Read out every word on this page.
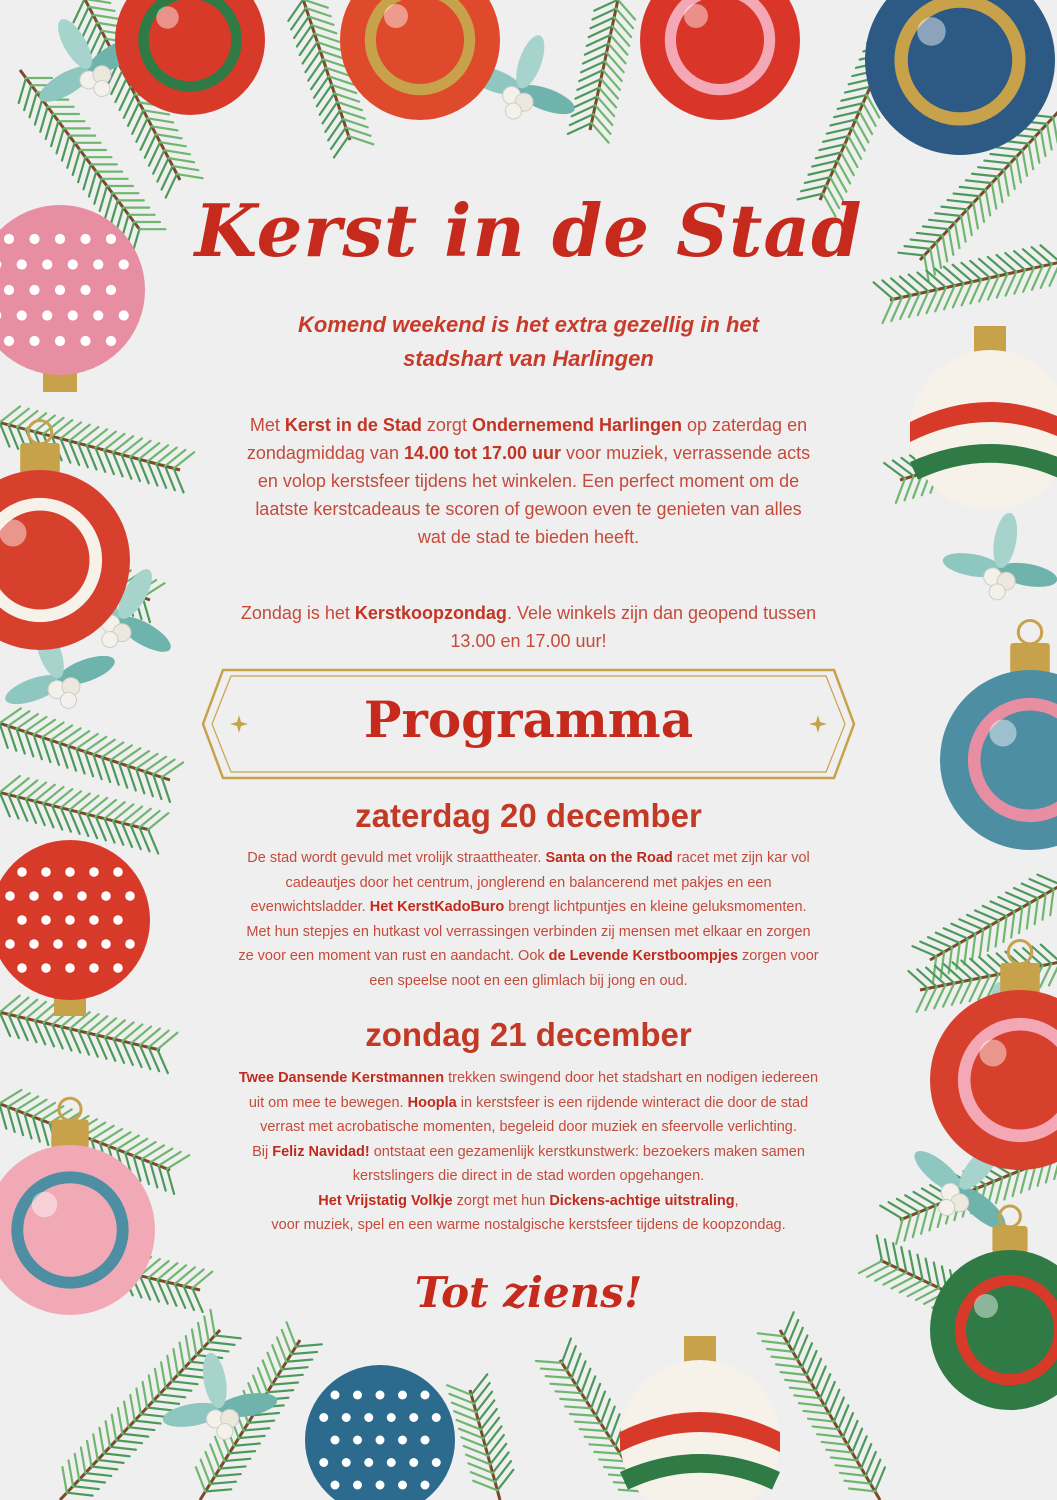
Kerst in de Stad
Komend weekend is het extra gezellig in het
stadshart van Harlingen
Met Kerst in de Stad zorgt Ondernemend Harlingen op zaterdag en
zondagmiddag van 14.00 tot 17.00 uur voor muziek, verrassende acts
en volop kerstsfeer tijdens het winkelen. Een perfect moment om de
laatste kerstcadeaus te scoren of gewoon even te genieten van alles
wat de stad te bieden heeft.
Zondag is het Kerstkoopzondag. Vele winkels zijn dan geopend tussen
13.00 en 17.00 uur!
Programma
zaterdag 20 december
De stad wordt gevuld met vrolijk straattheater. Santa on the Road racet met zijn kar vol
cadeautjes door het centrum, jonglerend en balancerend met pakjes en een
evenwichtsladder. Het KerstKadoBuro brengt lichtpuntjes en kleine geluksmomenten.
Met hun stepjes en hutkast vol verrassingen verbinden zij mensen met elkaar en zorgen
ze voor een moment van rust en aandacht. Ook de Levende Kerstboompjes zorgen voor
een speelse noot en een glimlach bij jong en oud.
zondag 21 december
Twee Dansende Kerstmannen trekken swingend door het stadshart en nodigen iedereen
uit om mee te bewegen. Hoopla in kerstsfeer is een rijdende winteract die door de stad
verrast met acrobatische momenten, begeleid door muziek en sfeervolle verlichting.
Bij Feliz Navidad! ontstaat een gezamenlijk kerstkunstwerk: bezoekers maken samen
kerstslingers die direct in de stad worden opgehangen.
Het Vrijstatig Volkje zorgt met hun Dickens-achtige uitstraling,
voor muziek, spel en een warme nostalgische kerstsfeer tijdens de koopzondag.
Tot ziens!
